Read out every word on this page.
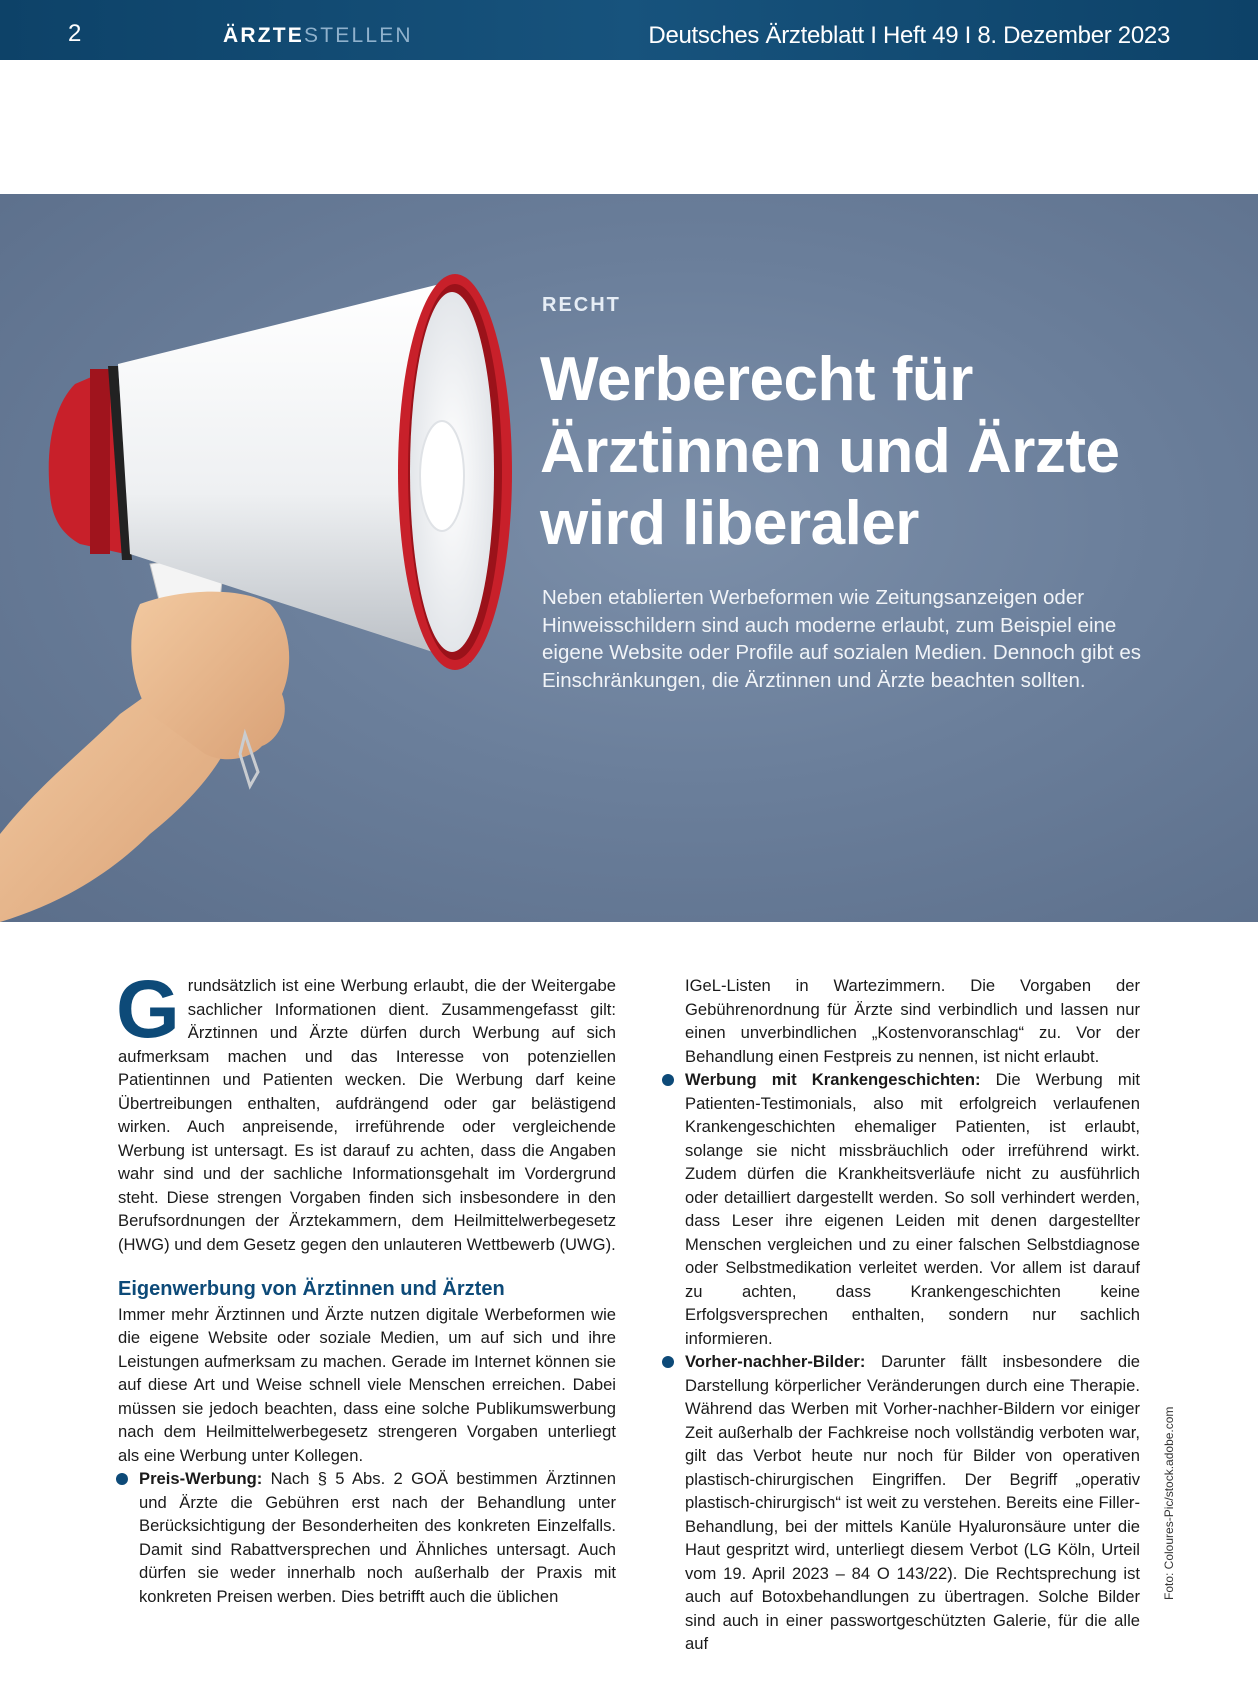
2	ÄRZTESTELLEN	Deutsches Ärzteblatt I Heft 49 I 8. Dezember 2023
RECHT
Werberecht für Ärztinnen und Ärzte wird liberaler
Neben etablierten Werbeformen wie Zeitungsanzeigen oder Hinweisschildern sind auch moderne erlaubt, zum Beispiel eine eigene Website oder Profile auf sozialen Medien. Dennoch gibt es Einschränkungen, die Ärztinnen und Ärzte beachten sollten.

Grundsätzlich ist eine Werbung erlaubt, die der Weitergabe sachlicher Informationen dient. Zusammengefasst gilt: Ärztinnen und Ärzte dürfen durch Werbung auf sich aufmerksam machen und das Interesse von potenziellen Patientinnen und Patienten wecken. Die Werbung darf keine Übertreibungen enthalten, aufdrängend oder gar belästigend wirken. Auch anpreisende, irreführende oder vergleichende Werbung ist untersagt. Es ist darauf zu achten, dass die Angaben wahr sind und der sachliche Informationsgehalt im Vordergrund steht. Diese strengen Vorgaben finden sich insbesondere in den Berufsordnungen der Ärztekammern, dem Heilmittelwerbegesetz (HWG) und dem Gesetz gegen den unlauteren Wettbewerb (UWG).

Eigenwerbung von Ärztinnen und Ärzten

Immer mehr Ärztinnen und Ärzte nutzen digitale Werbeformen wie die eigene Website oder soziale Medien, um auf sich und ihre Leistungen aufmerksam zu machen. Gerade im Internet können sie auf diese Art und Weise schnell viele Menschen erreichen. Dabei müssen sie jedoch beachten, dass eine solche Publikumswerbung nach dem Heilmittelwerbegesetz strengeren Vorgaben unterliegt als eine Werbung unter Kollegen.

Preis-Werbung: Nach § 5 Abs. 2 GOÄ bestimmen Ärztinnen und Ärzte die Gebühren erst nach der Behandlung unter Berücksichtigung der Besonderheiten des konkreten Einzelfalls. Damit sind Rabattversprechen und Ähnliches untersagt. Auch dürfen sie weder innerhalb noch außerhalb der Praxis mit konkreten Preisen werben. Dies betrifft auch die üblichen

IGeL-Listen in Wartezimmern. Die Vorgaben der Gebührenordnung für Ärzte sind verbindlich und lassen nur einen unverbindlichen „Kostenvoranschlag“ zu. Vor der Behandlung einen Festpreis zu nennen, ist nicht erlaubt.

Werbung mit Krankengeschichten: Die Werbung mit Patienten-Testimonials, also mit erfolgreich verlaufenen Krankengeschichten ehemaliger Patienten, ist erlaubt, solange sie nicht missbräuchlich oder irreführend wirkt. Zudem dürfen die Krankheitsverläufe nicht zu ausführlich oder detailliert dargestellt werden. So soll verhindert werden, dass Leser ihre eigenen Leiden mit denen dargestellter Menschen vergleichen und zu einer falschen Selbstdiagnose oder Selbstmedikation verleitet werden. Vor allem ist darauf zu achten, dass Krankengeschichten keine Erfolgsversprechen enthalten, sondern nur sachlich informieren.

Vorher-nachher-Bilder: Darunter fällt insbesondere die Darstellung körperlicher Veränderungen durch eine Therapie. Während das Werben mit Vorher-nachher-Bildern vor einiger Zeit außerhalb der Fachkreise noch vollständig verboten war, gilt das Verbot heute nur noch für Bilder von operativen plastisch-chirurgischen Eingriffen. Der Begriff „operativ plastisch-chirurgisch“ ist weit zu verstehen. Bereits eine Filler-Behandlung, bei der mittels Kanüle Hyaluronsäure unter die Haut gespritzt wird, unterliegt diesem Verbot (LG Köln, Urteil vom 19. April 2023 – 84 O 143/22). Die Rechtsprechung ist auch auf Botoxbehandlungen zu übertragen. Solche Bilder sind auch in einer passwortgeschützten Galerie, für die alle auf

Foto: Coloures-Pic/stock.adobe.com
